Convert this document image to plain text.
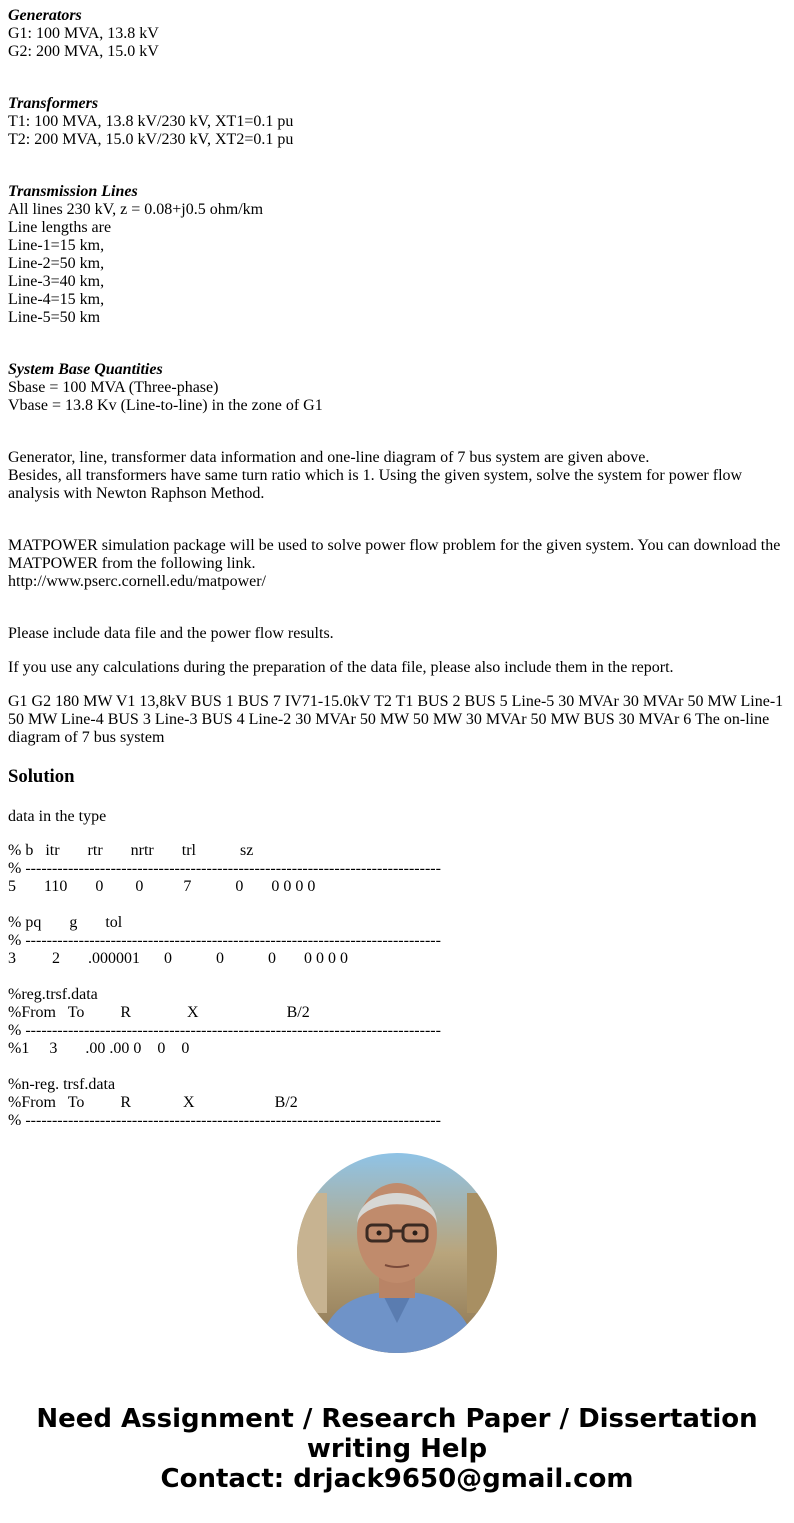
Generators
G1: 100 MVA, 13.8 kV
G2: 200 MVA, 15.0 kV
Transformers
T1: 100 MVA, 13.8 kV/230 kV, XT1=0.1 pu
T2: 200 MVA, 15.0 kV/230 kV, XT2=0.1 pu
Transmission Lines
All lines 230 kV, z = 0.08+j0.5 ohm/km
Line lengths are
Line-1=15 km,
Line-2=50 km,
Line-3=40 km,
Line-4=15 km,
Line-5=50 km
System Base Quantities
Sbase = 100 MVA (Three-phase)
Vbase = 13.8 Kv (Line-to-line) in the zone of G1
Generator, line, transformer data information and one-line diagram of 7 bus system are given above.
Besides, all transformers have same turn ratio which is 1. Using the given system, solve the system for power flow analysis with Newton Raphson Method.
MATPOWER simulation package will be used to solve power flow problem for the given system. You can download the MATPOWER from the following link.
http://www.pserc.cornell.edu/matpower/
Please include data file and the power flow results.
If you use any calculations during the preparation of the data file, please also include them in the report.
G1 G2 180 MW V1 13,8kV BUS 1 BUS 7 IV71-15.0kV T2 T1 BUS 2 BUS 5 Line-5 30 MVAr 30 MVAr 50 MW Line-1 50 MW Line-4 BUS 3 Line-3 BUS 4 Line-2 30 MVAr 50 MW 50 MW 30 MVAr 50 MW BUS 30 MVAr 6 The on-line diagram of 7 bus system
Solution
data in the type
% b   itr       rtr       nrtr       trl           sz
% ------------------------------------------------------------------------------
5       110       0        0          7           0       0 0 0 0
% pq       g       tol
% ------------------------------------------------------------------------------
3         2       .000001      0           0           0       0 0 0 0
%reg.trsf.data
%From   To         R              X                      B/2
% ------------------------------------------------------------------------------
%1     3       .00 .00 0    0    0
%n-reg. trsf.data
%From   To         R             X                    B/2
% ------------------------------------------------------------------------------
Need Assignment / Research Paper / Dissertation
writing Help
Contact: drjack9650@gmail.com
